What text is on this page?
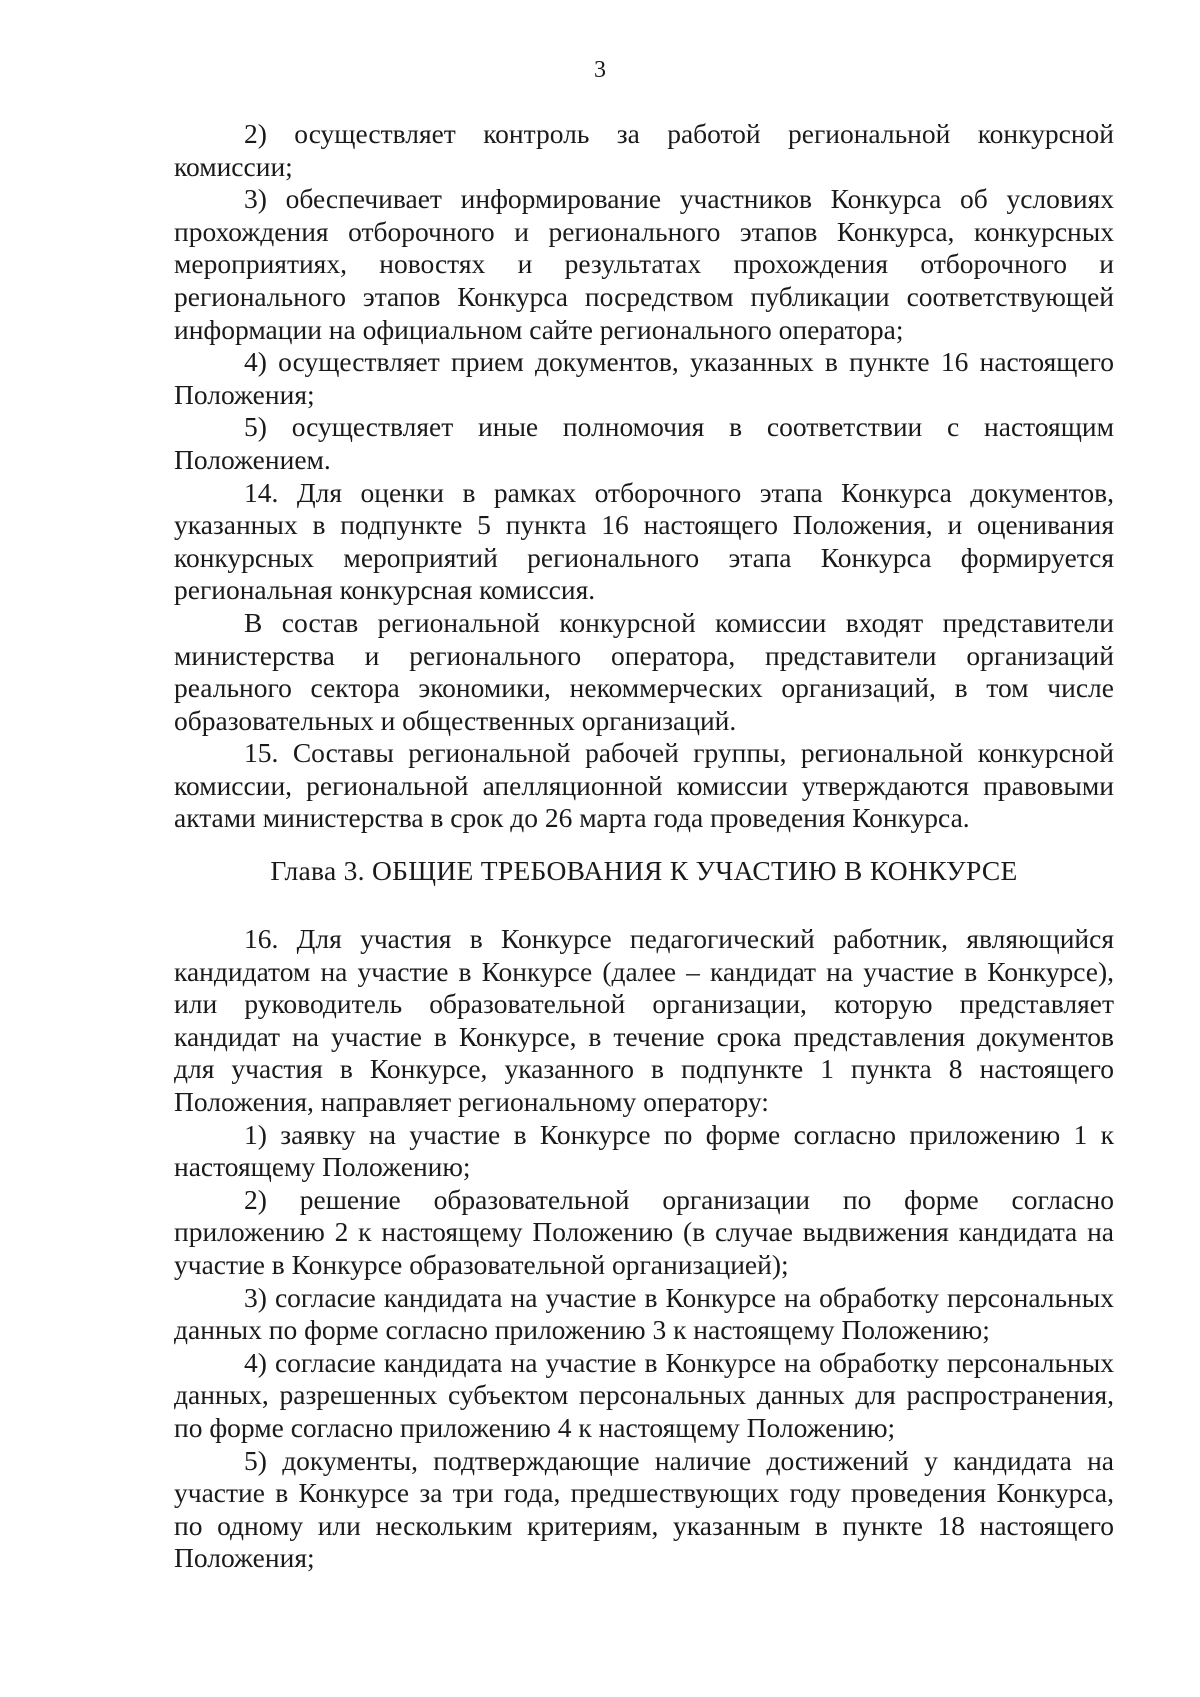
3

2) осуществляет контроль за работой региональной конкурсной комиссии;

3) обеспечивает информирование участников Конкурса об условиях прохождения отборочного и регионального этапов Конкурса, конкурсных мероприятиях, новостях и результатах прохождения отборочного и регионального этапов Конкурса посредством публикации соответствующей информации на официальном сайте регионального оператора;

4) осуществляет прием документов, указанных в пункте 16 настоящего Положения;

5) осуществляет иные полномочия в соответствии с настоящим Положением.

14. Для оценки в рамках отборочного этапа Конкурса документов, указанных в подпункте 5 пункта 16 настоящего Положения, и оценивания конкурсных мероприятий регионального этапа Конкурса формируется региональная конкурсная комиссия.

В состав региональной конкурсной комиссии входят представители министерства и регионального оператора, представители организаций реального сектора экономики, некоммерческих организаций, в том числе образовательных и общественных организаций.

15. Составы региональной рабочей группы, региональной конкурсной комиссии, региональной апелляционной комиссии утверждаются правовыми актами министерства в срок до 26 марта года проведения Конкурса.

Глава 3. ОБЩИЕ ТРЕБОВАНИЯ К УЧАСТИЮ В КОНКУРСЕ

16. Для участия в Конкурсе педагогический работник, являющийся кандидатом на участие в Конкурсе (далее – кандидат на участие в Конкурсе), или руководитель образовательной организации, которую представляет кандидат на участие в Конкурсе, в течение срока представления документов для участия в Конкурсе, указанного в подпункте 1 пункта 8 настоящего Положения, направляет региональному оператору:

1) заявку на участие в Конкурсе по форме согласно приложению 1 к настоящему Положению;

2) решение образовательной организации по форме согласно приложению 2 к настоящему Положению (в случае выдвижения кандидата на участие в Конкурсе образовательной организацией);

3) согласие кандидата на участие в Конкурсе на обработку персональных данных по форме согласно приложению 3 к настоящему Положению;

4) согласие кандидата на участие в Конкурсе на обработку персональных данных, разрешенных субъектом персональных данных для распространения, по форме согласно приложению 4 к настоящему Положению;

5) документы, подтверждающие наличие достижений у кандидата на участие в Конкурсе за три года, предшествующих году проведения Конкурса, по одному или нескольким критериям, указанным в пункте 18 настоящего Положения;
